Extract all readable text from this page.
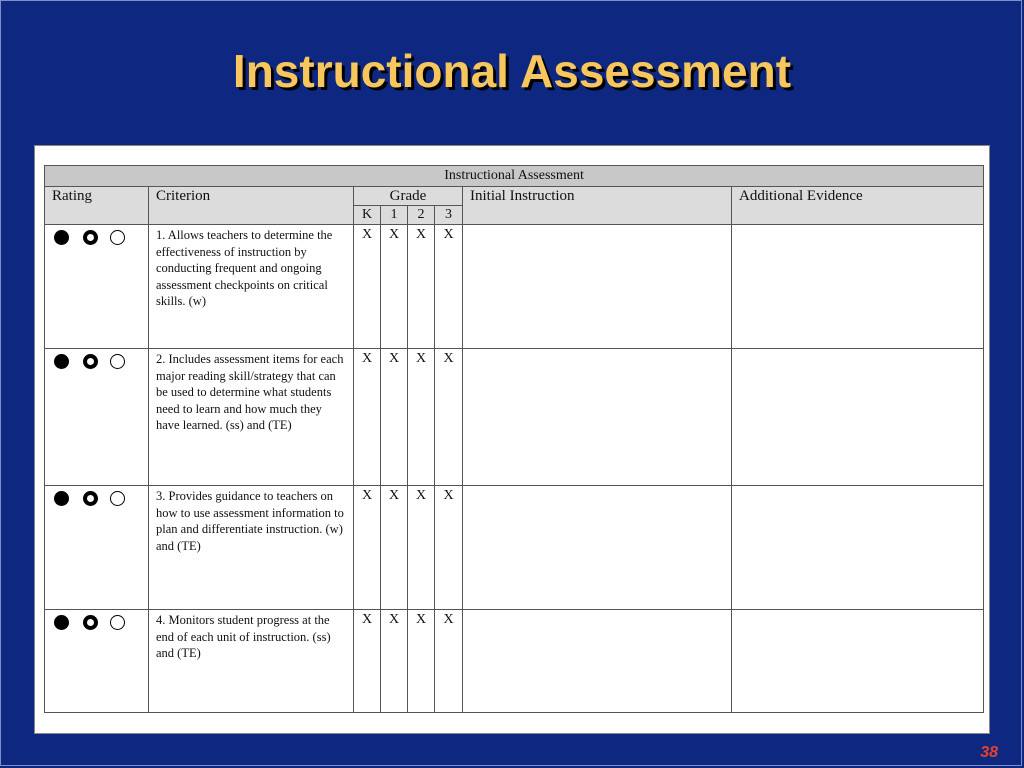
Instructional Assessment
Instructional Assessment							
Rating	Criterion	Grade				Initial Instruction	Additional Evidence
		K	1	2	3		

	1. Allows teachers to determine the effectiveness of instruction by conducting frequent and ongoing assessment checkpoints on critical skills. (w)	X	X	X	X		

	2. Includes assessment items for each major reading skill/strategy that can be used to determine what students need to learn and how much they have learned. (ss) and (TE)	X	X	X	X		

	3. Provides guidance to teachers on how to use assessment information to plan and differentiate instruction. (w) and (TE)	X	X	X	X		

	4. Monitors student progress at the end of each unit of instruction. (ss) and (TE)	X	X	X	X		
38
